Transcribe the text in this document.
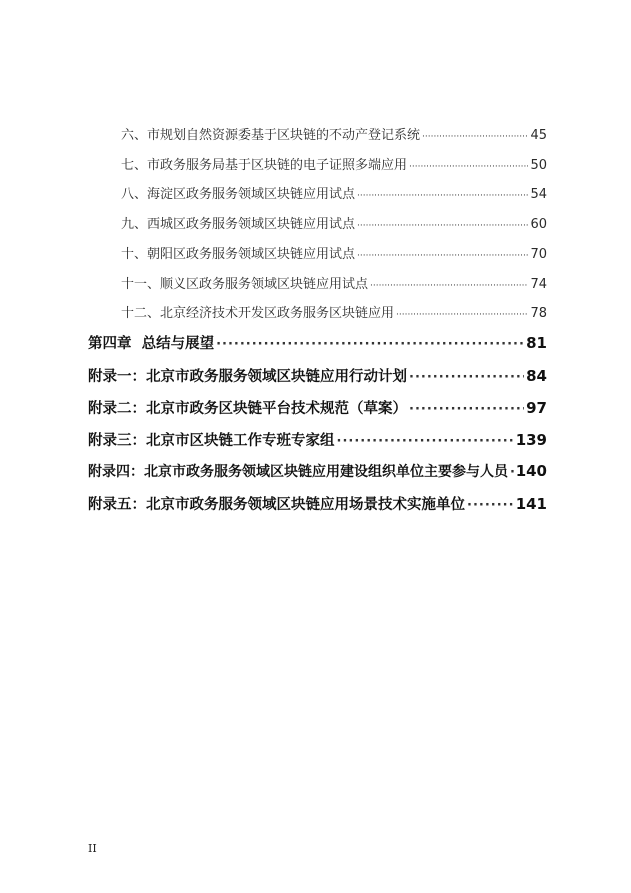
六、市规划自然资源委基于区块链的不动产登记系统 ·····	45
七、市政务服务局基于区块链的电子证照多端应用 ·····	50
八、海淀区政务服务领域区块链应用试点 ·····	54
九、西城区政务服务领域区块链应用试点 ·····	60
十、朝阳区政务服务领域区块链应用试点 ·····	70
十一、顺义区政务服务领域区块链应用试点 ·····	74
十二、北京经济技术开发区政务服务区块链应用 ·····	78
第四章  总结与展望 ·····	81
附录一：北京市政务服务领域区块链应用行动计划 ·····	84
附录二：北京市政务区块链平台技术规范（草案） ·····	97
附录三：北京市区块链工作专班专家组 ·····	139
附录四：北京市政务服务领域区块链应用建设组织单位主要参与人员 ····· 140
附录五：北京市政务服务领域区块链应用场景技术实施单位 ·····	141
II
